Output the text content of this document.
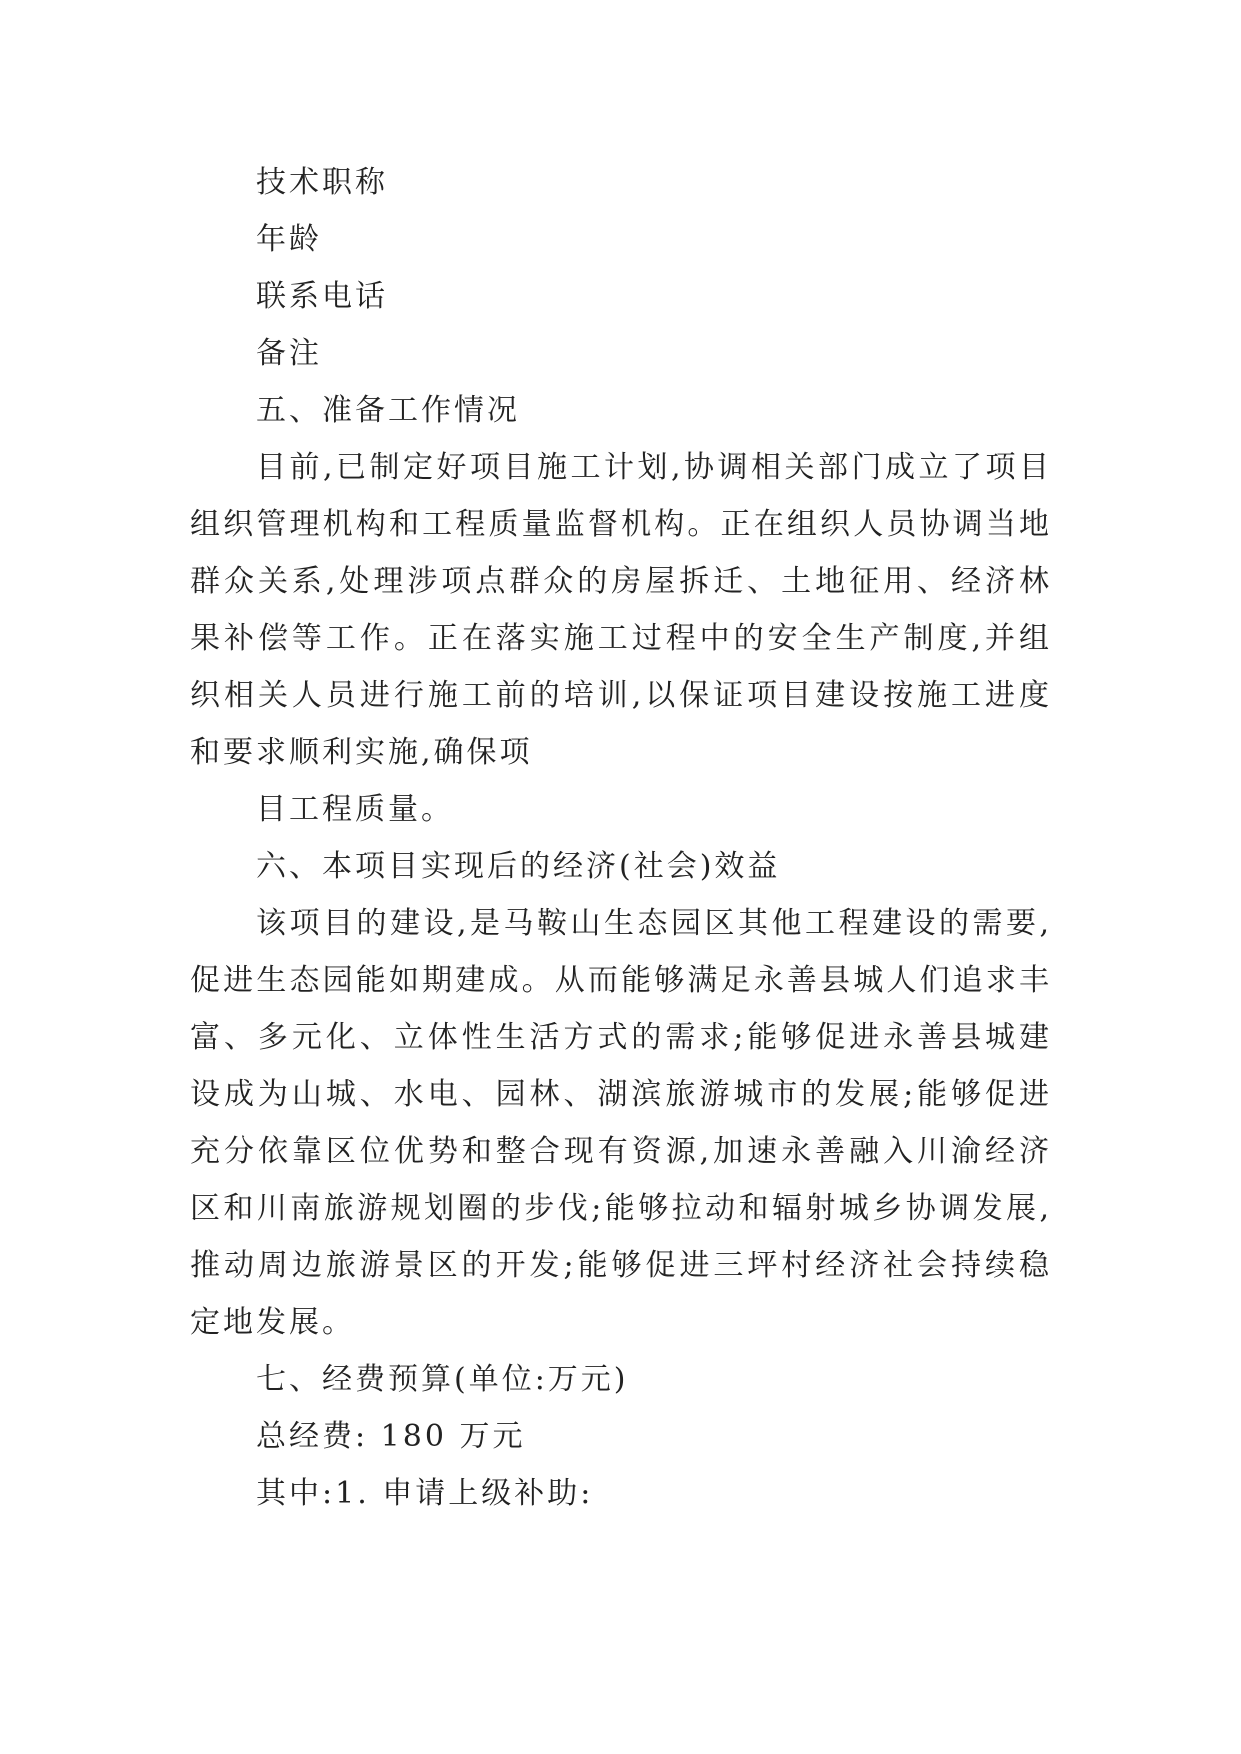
技术职称

年龄

联系电话

备注

五、准备工作情况

目前,已制定好项目施工计划,协调相关部门成立了项目组织管理机构和工程质量监督机构。正在组织人员协调当地群众关系,处理涉项点群众的房屋拆迁、土地征用、经济林果补偿等工作。正在落实施工过程中的安全生产制度,并组织相关人员进行施工前的培训,以保证项目建设按施工进度和要求顺利实施,确保项

目工程质量。

六、本项目实现后的经济(社会)效益

该项目的建设,是马鞍山生态园区其他工程建设的需要,促进生态园能如期建成。从而能够满足永善县城人们追求丰富、多元化、立体性生活方式的需求;能够促进永善县城建设成为山城、水电、园林、湖滨旅游城市的发展;能够促进充分依靠区位优势和整合现有资源,加速永善融入川渝经济区和川南旅游规划圈的步伐;能够拉动和辐射城乡协调发展,推动周边旅游景区的开发;能够促进三坪村经济社会持续稳定地发展。

七、经费预算(单位:万元)

总经费: 180 万元

其中:1. 申请上级补助:
